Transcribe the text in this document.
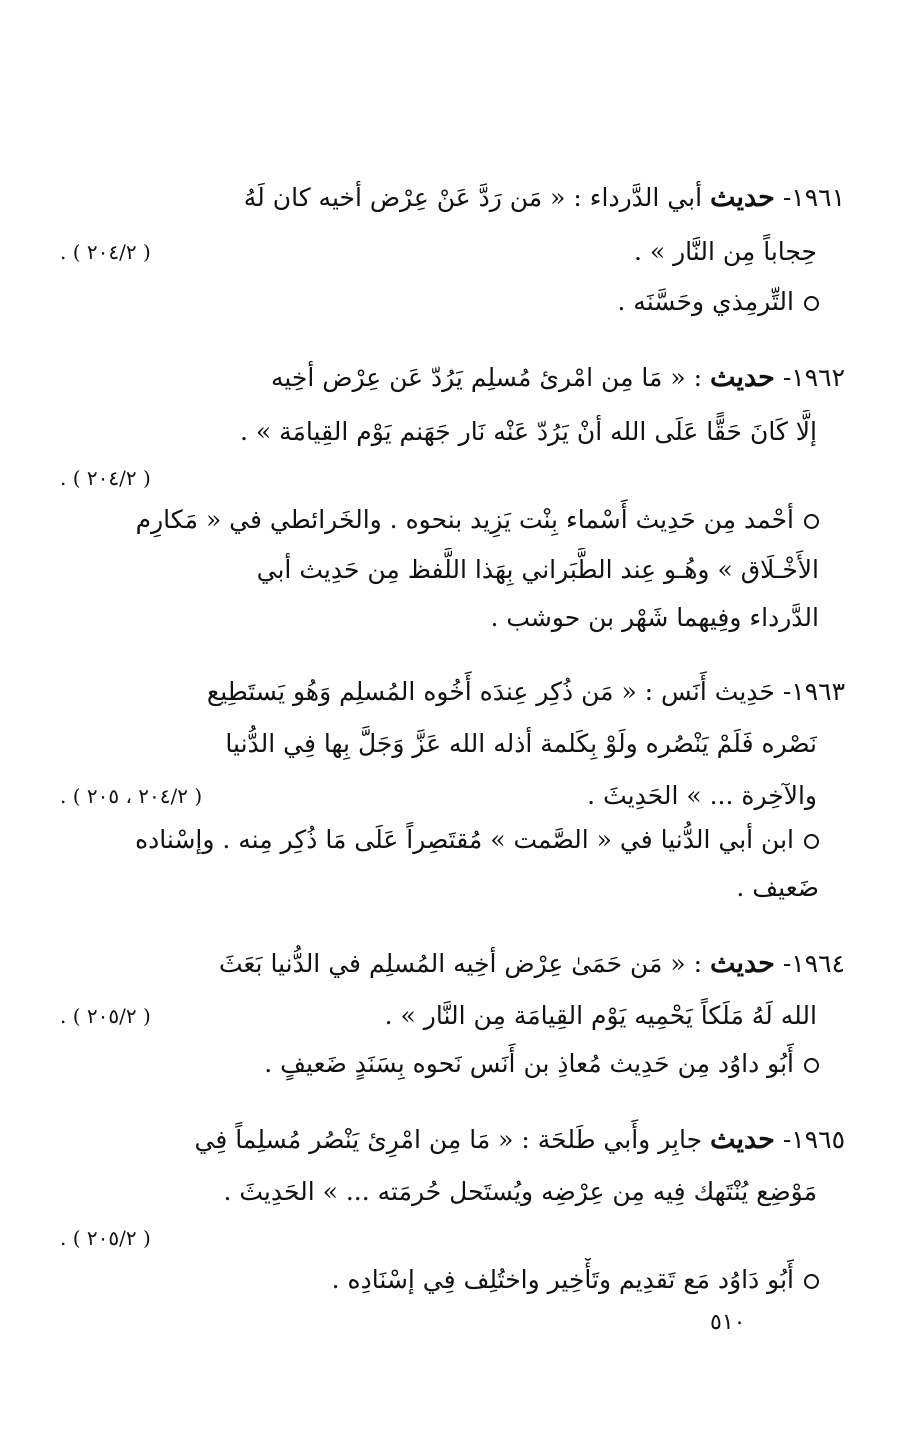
١٩٦١- حديث أبي الدَّرداء : « مَن رَدَّ عَنْ عِرْض أخيه كان لَهُ
حِجاباً مِن النَّار » .
( ٢٠٤/٢ ) .
التِّرمِذي وحَسَّنَه .
١٩٦٢- حديث : « مَا مِن امْرئ مُسلِم يَرُدّ عَن عِرْض أخِيه
إلَّا كَانَ حَقًّا عَلَى الله أنْ يَرُدّ عَنْه نَار جَهَنم يَوْم القِيامَة » .
( ٢٠٤/٢ ) .
أحْمد مِن حَدِيث أَسْماء بِنْت يَزِيد بنحوه . والخَرائطي في « مَكارِم
الأَخْـلَاق » وهُـو عِند الطَّبَراني بِهَذا اللَّفظ مِن حَدِيث أبي
الدَّرداء وفِيهما شَهْر بن حوشب .
١٩٦٣- حَدِيث أَنَس : « مَن ذُكِر عِندَه أَخُوه المُسلِم وَهُو يَستَطِيع
نَصْره فَلَمْ يَنْصُره ولَوْ بِكَلمة أذله الله عَزَّ وَجَلَّ بِها فِي الدُّنيا
والآخِرة ... » الحَدِيثَ .
( ٢٠٤/٢ ، ٢٠٥ ) .
ابن أبي الدُّنيا في « الصَّمت » مُقتَصِراً عَلَى مَا ذُكِر مِنه . وإسْناده
ضَعيف .
١٩٦٤- حديث : « مَن حَمَىٰ عِرْض أخِيه المُسلِم في الدُّنيا بَعَثَ
الله لَهُ مَلَكاً يَحْمِيه يَوْم القِيامَة مِن النَّار » .
( ٢٠٥/٢ ) .
أَبُو داوُد مِن حَدِيث مُعاذِ بن أَنَس نَحوه بِسَنَدٍ ضَعيفٍ .
١٩٦٥- حديث جابِر وأَبي طَلحَة : « مَا مِن امْرِئ يَنْصُر مُسلِماً فِي
مَوْضِع يُنْتَهك فِيه مِن عِرْضِه ويُستَحل حُرمَته ... » الحَدِيثَ .
( ٢٠٥/٢ ) .
أَبُو دَاوُد مَع تَقدِيم وتَأْخِير واختُلِف فِي إسْنَادِه .
٥١٠
